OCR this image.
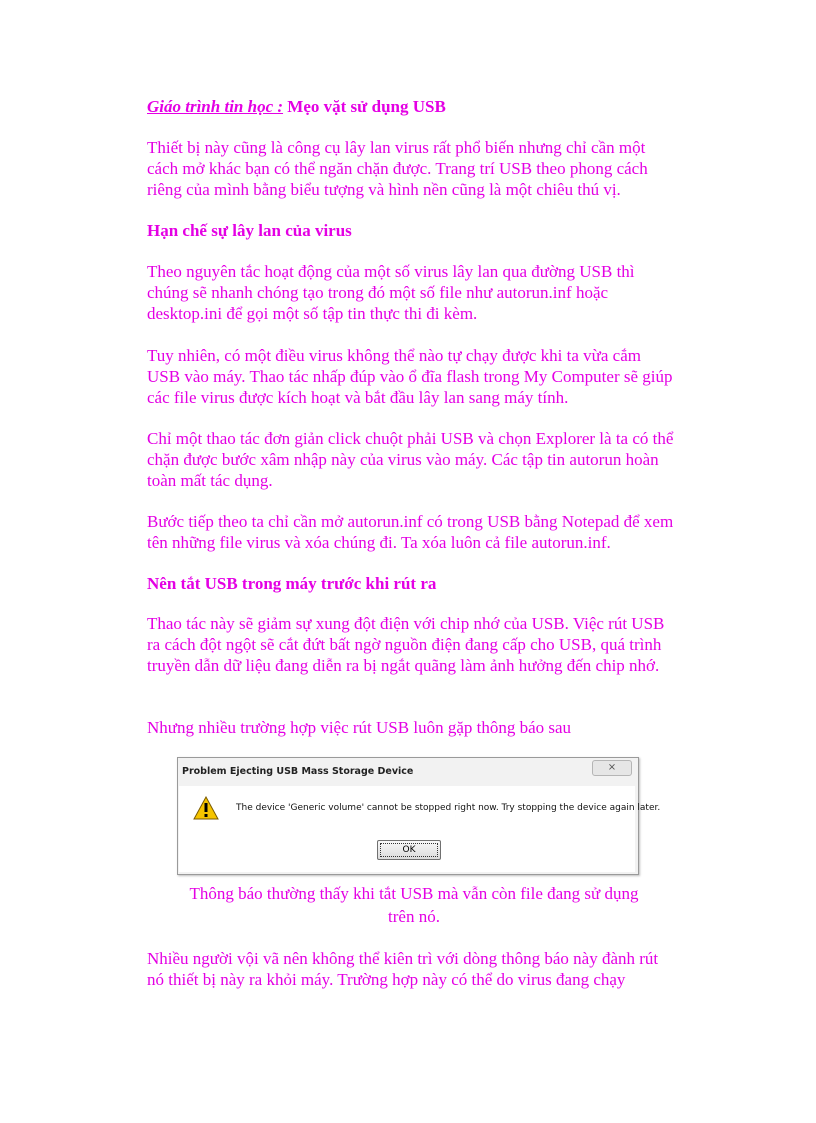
Giáo trình tin học : Mẹo vặt sử dụng USB
Thiết bị này cũng là công cụ lây lan virus rất phổ biến nhưng chỉ cần một cách mở khác bạn có thể ngăn chặn được. Trang trí USB theo phong cách riêng của mình bằng biểu tượng và hình nền cũng là một chiêu thú vị.
Hạn chế sự lây lan của virus
Theo nguyên tắc hoạt động của một số virus lây lan qua đường USB thì chúng sẽ nhanh chóng tạo trong đó một số file như autorun.inf hoặc desktop.ini để gọi một số tập tin thực thi đi kèm.
Tuy nhiên, có một điều virus không thể nào tự chạy được khi ta vừa cắm USB vào máy. Thao tác nhấp đúp vào ổ đĩa flash trong My Computer sẽ giúp các file virus được kích hoạt và bắt đầu lây lan sang máy tính.
Chỉ một thao tác đơn giản click chuột phải USB và chọn Explorer là ta có thể chặn được bước xâm nhập này của virus vào máy. Các tập tin autorun hoàn toàn mất tác dụng.
Bước tiếp theo ta chỉ cần mở autorun.inf có trong USB bằng Notepad để xem tên những file virus và xóa chúng đi. Ta xóa luôn cả file autorun.inf.
Nên tắt USB trong máy trước khi rút ra
Thao tác này sẽ giảm sự xung đột điện với chip nhớ của USB. Việc rút USB ra cách đột ngột sẽ cắt đứt bất ngờ nguồn điện đang cấp cho USB, quá trình truyền dẫn dữ liệu đang diễn ra bị ngắt quãng làm ảnh hưởng đến chip nhớ.
Nhưng nhiều trường hợp việc rút USB luôn gặp thông báo sau
Nhiều người vội vã nên không thể kiên trì với dòng thông báo này đành rút nó thiết bị này ra khỏi máy. Trường hợp này có thể do virus đang chạy
Problem Ejecting USB Mass Storage Device	⨯
The device 'Generic volume' cannot be stopped right now. Try stopping the device again later.
OK
Thông báo thường thấy khi tắt USB mà vẫn còn file đang sử dụng trên nó.
